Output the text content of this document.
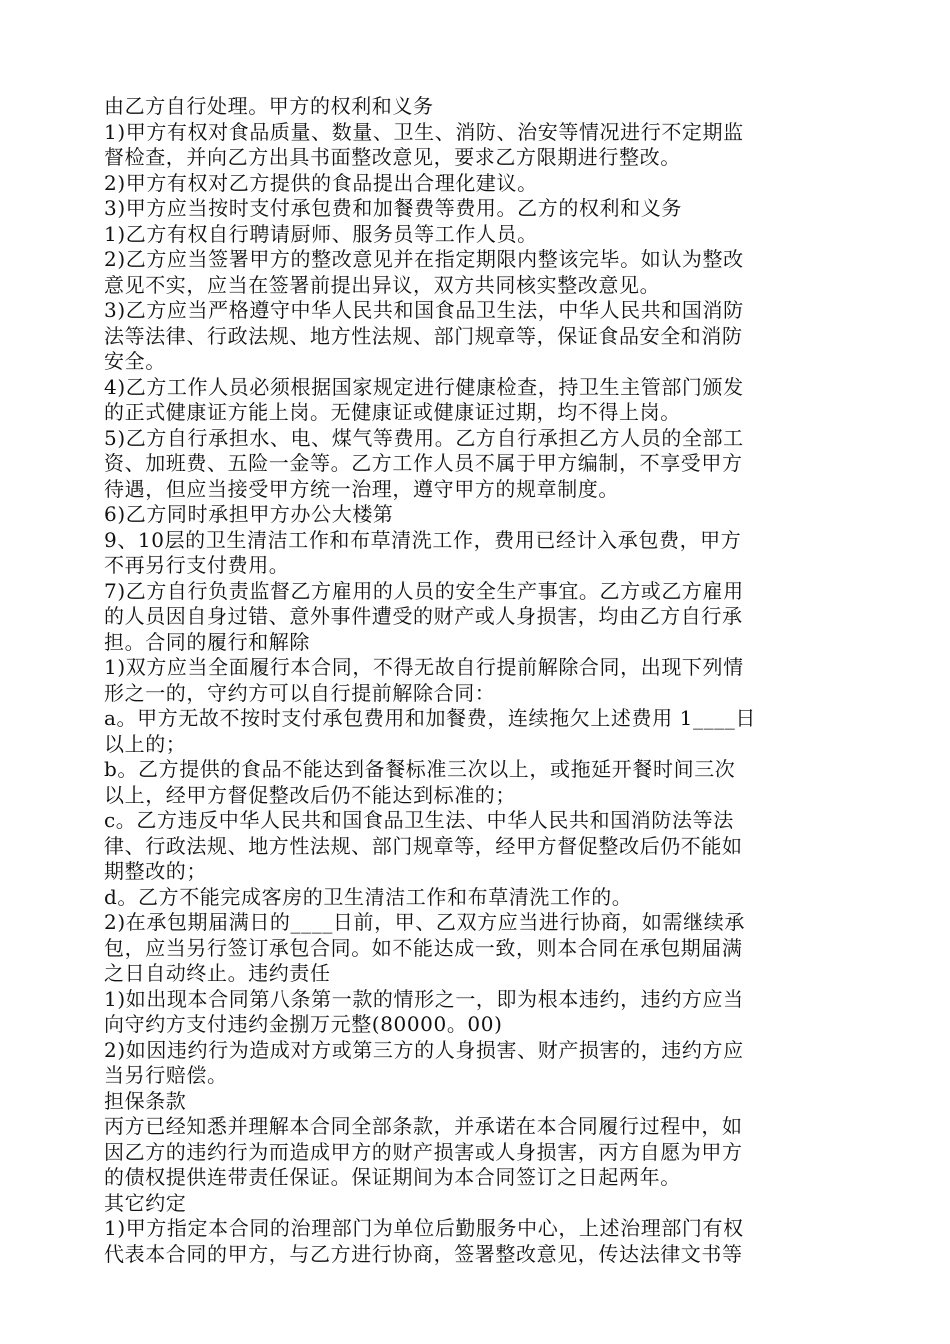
由乙方自行处理。甲方的权利和义务
1)甲方有权对食品质量、数量、卫生、消防、治安等情况进行不定期监
督检查，并向乙方出具书面整改意见，要求乙方限期进行整改。
2)甲方有权对乙方提供的食品提出合理化建议。
3)甲方应当按时支付承包费和加餐费等费用。乙方的权利和义务
1)乙方有权自行聘请厨师、服务员等工作人员。
2)乙方应当签署甲方的整改意见并在指定期限内整该完毕。如认为整改
意见不实，应当在签署前提出异议，双方共同核实整改意见。
3)乙方应当严格遵守中华人民共和国食品卫生法，中华人民共和国消防
法等法律、行政法规、地方性法规、部门规章等，保证食品安全和消防
安全。
4)乙方工作人员必须根据国家规定进行健康检查，持卫生主管部门颁发
的正式健康证方能上岗。无健康证或健康证过期，均不得上岗。
5)乙方自行承担水、电、煤气等费用。乙方自行承担乙方人员的全部工
资、加班费、五险一金等。乙方工作人员不属于甲方编制，不享受甲方
待遇，但应当接受甲方统一治理，遵守甲方的规章制度。
6)乙方同时承担甲方办公大楼第
9、10层的卫生清洁工作和布草清洗工作，费用已经计入承包费，甲方
不再另行支付费用。
7)乙方自行负责监督乙方雇用的人员的安全生产事宜。乙方或乙方雇用
的人员因自身过错、意外事件遭受的财产或人身损害，均由乙方自行承
担。合同的履行和解除
1)双方应当全面履行本合同，不得无故自行提前解除合同，出现下列情
形之一的，守约方可以自行提前解除合同：
a。甲方无故不按时支付承包费用和加餐费，连续拖欠上述费用 1____日
以上的；
b。乙方提供的食品不能达到备餐标准三次以上，或拖延开餐时间三次
以上，经甲方督促整改后仍不能达到标准的；
c。乙方违反中华人民共和国食品卫生法、中华人民共和国消防法等法
律、行政法规、地方性法规、部门规章等，经甲方督促整改后仍不能如
期整改的；
d。乙方不能完成客房的卫生清洁工作和布草清洗工作的。
2)在承包期届满日的____日前，甲、乙双方应当进行协商，如需继续承
包，应当另行签订承包合同。如不能达成一致，则本合同在承包期届满
之日自动终止。违约责任
1)如出现本合同第八条第一款的情形之一，即为根本违约，违约方应当
向守约方支付违约金捌万元整(80000。00)
2)如因违约行为造成对方或第三方的人身损害、财产损害的，违约方应
当另行赔偿。
担保条款
丙方已经知悉并理解本合同全部条款，并承诺在本合同履行过程中，如
因乙方的违约行为而造成甲方的财产损害或人身损害，丙方自愿为甲方
的债权提供连带责任保证。保证期间为本合同签订之日起两年。
其它约定
1)甲方指定本合同的治理部门为单位后勤服务中心，上述治理部门有权
代表本合同的甲方，与乙方进行协商，签署整改意见，传达法律文书等
